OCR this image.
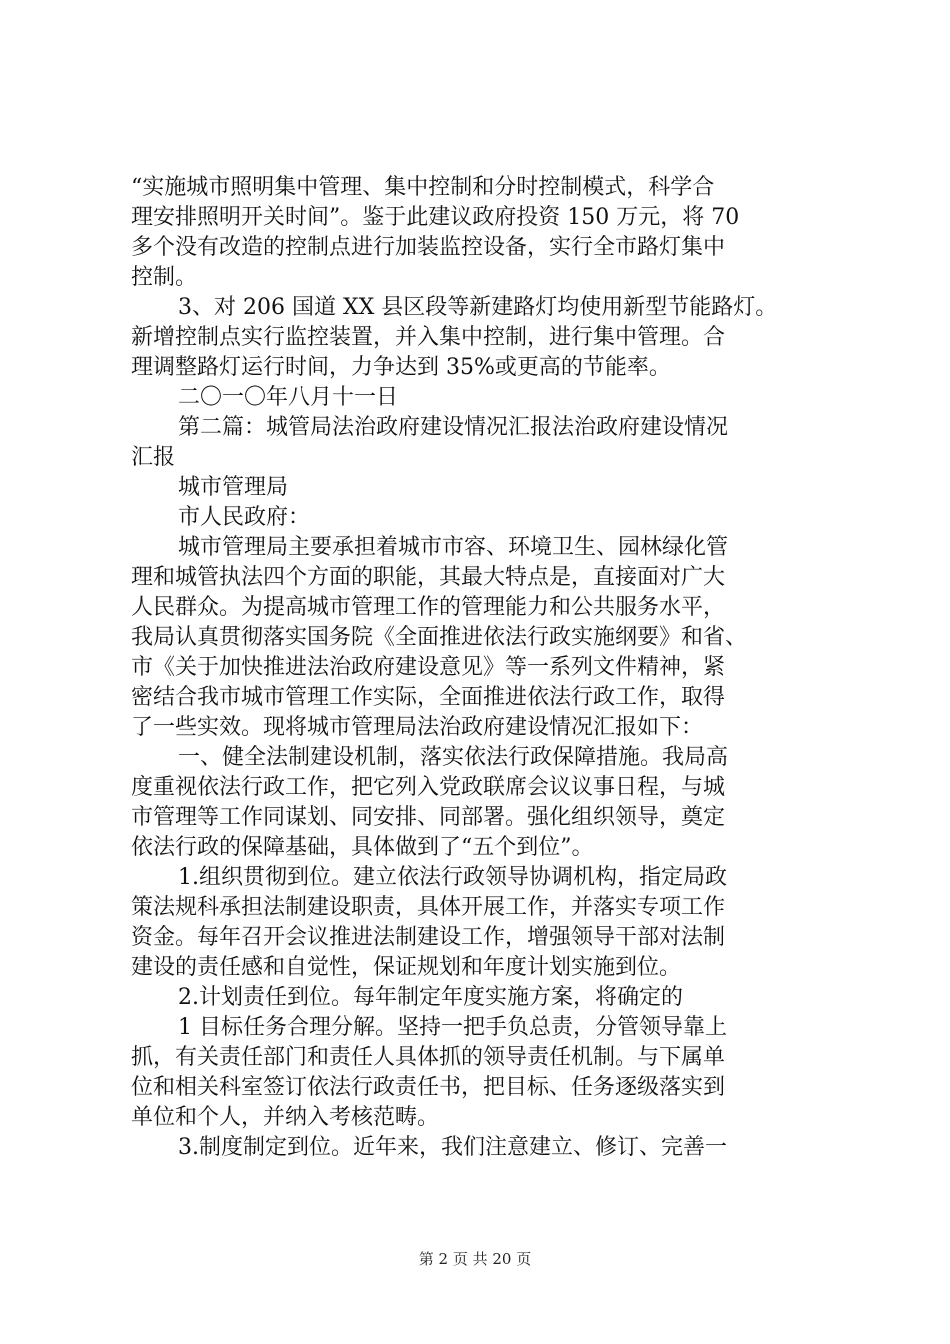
“实施城市照明集中管理、集中控制和分时控制模式，科学合
理安排照明开关时间”。鉴于此建议政府投资 150 万元，将 70
多个没有改造的控制点进行加装监控设备，实行全市路灯集中
控制。
3、对 206 国道 XX 县区段等新建路灯均使用新型节能路灯。
新增控制点实行监控装置，并入集中控制，进行集中管理。合
理调整路灯运行时间，力争达到 35%或更高的节能率。
二〇一〇年八月十一日
第二篇：城管局法治政府建设情况汇报法治政府建设情况
汇报
城市管理局
市人民政府：
城市管理局主要承担着城市市容、环境卫生、园林绿化管
理和城管执法四个方面的职能，其最大特点是，直接面对广大
人民群众。为提高城市管理工作的管理能力和公共服务水平，
我局认真贯彻落实国务院《全面推进依法行政实施纲要》和省、
市《关于加快推进法治政府建设意见》等一系列文件精神，紧
密结合我市城市管理工作实际，全面推进依法行政工作，取得
了一些实效。现将城市管理局法治政府建设情况汇报如下：
一、健全法制建设机制，落实依法行政保障措施。我局高
度重视依法行政工作，把它列入党政联席会议议事日程，与城
市管理等工作同谋划、同安排、同部署。强化组织领导，奠定
依法行政的保障基础，具体做到了“五个到位”。
1.组织贯彻到位。建立依法行政领导协调机构，指定局政
策法规科承担法制建设职责，具体开展工作，并落实专项工作
资金。每年召开会议推进法制建设工作，增强领导干部对法制
建设的责任感和自觉性，保证规划和年度计划实施到位。
2.计划责任到位。每年制定年度实施方案，将确定的
1 目标任务合理分解。坚持一把手负总责，分管领导靠上
抓，有关责任部门和责任人具体抓的领导责任机制。与下属单
位和相关科室签订依法行政责任书，把目标、任务逐级落实到
单位和个人，并纳入考核范畴。
3.制度制定到位。近年来，我们注意建立、修订、完善一
第 2 页 共 20 页
